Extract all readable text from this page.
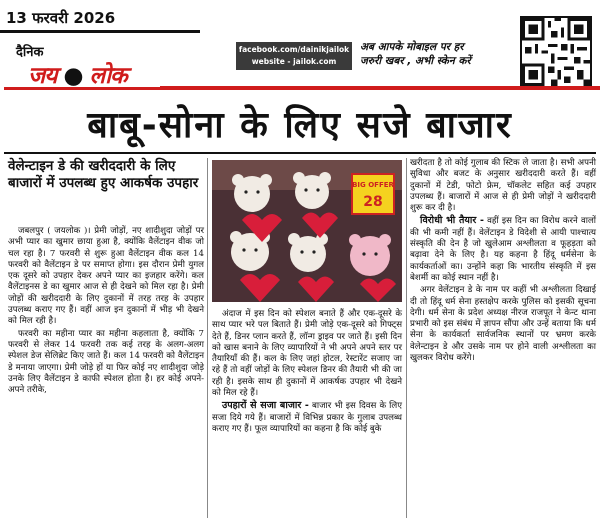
13 फरवरी 2026
दैनिक
जय ● लोक
facebook.com/dainikjailok
website - jailok.com
अब आपके मोबाइल पर हर
जरुरी खबर , अभी स्केन करें
बाबू-सोना के लिए सजे बाजार
वेलेन्टाइन डे की खरीददारी के लिए बाजारों में उपलब्ध हुए आकर्षक उपहार

जबलपुर ( जयलोक )। प्रेमी जोड़ों, नए शादीशुदा जोड़ों पर अभी प्यार का खुमार छाया हुआ है, क्योंकि वैलेंटाइन वीक जो चल रहा है। 7 फरवरी से शुरू हुआ वैलेंटाइन वीक कल 14 फरवरी को वैलेंटाइन डे पर समाप्त होगा। इस दौरान प्रेमी युगल एक दूसरे को उपहार देकर अपने प्यार का इजहार करेंगे। कल वैलेंटाइनस डे का खुमार आज से ही देखने को मिल रहा है। प्रेमी जोड़ों की खरीददारी के लिए दुकानों में तरह तरह के उपहार उपलब्ध कराए गए हैं। वहीं आज इन दुकानों में भीड़ भी देखने को मिल रही है।

फरवरी का महीना प्यार का महीना कहलाता है, क्योंकि 7 फरवरी से लेकर 14 फरवरी तक कई तरह के अलग-अलग स्पेशल डेज सेलिब्रेट किए जाते हैं। कल 14 फरवरी को वैलेंटाइन डे मनाया जाएगा। प्रेमी जोड़े हों या फिर कोई नए शादीशुदा जोड़े उनके लिए वैलेंटाइन डे काफी स्पेशल होता है। हर कोई अपने-अपने तरीके,

BIG OFFER
28

अंदाज में इस दिन को स्पेशल बनाते हैं और एक-दूसरे के साथ प्यार भरे पल बिताते हैं। प्रेमी जोड़े एक-दूसरे को गिफ्ट्स देते हैं, डिनर प्लान करते हैं, लॉन्ग ड्राइव पर जाते हैं। इसी दिन को खास बनाने के लिए व्यापारियों ने भी अपने अपने स्तर पर तैयारियाँ की हैं। कल के लिए जहां होटल, रेस्टारेंट सजाए जा रहे हैं तो वहीं जोड़ों के लिए स्पेशल डिनर की तैयारी भी की जा रही है। इसके साथ ही दुकानों में आकर्षक उपहार भी देखने को मिल रहे हैं।

उपहारों से सजा बाजार - बाजार भी इस दिवस के लिए सजा दिये गये हैं। बाजारों में विभिन्न प्रकार के गुलाब उपलब्ध कराए गए हैं। फूल व्यापारियों का कहना है कि कोई बुके

खरीदता है तो कोई गुलाब की स्टिक ले जाता है। सभी अपनी सुविधा और बजट के अनुसार खरीददारी करते हैं। वहीं दुकानों में टेडी, फोटो फ्रेम, चॉकलेट सहित कई उपहार उपलब्ध हैं। बाजारों में आज से ही प्रेमी जोड़ों ने खरीददारी शुरू कर दी है।

विरोधी भी तैयार - वहीं इस दिन का विरोध करने वालों की भी कमी नहीं हैं। वेलेंटाइन डे विदेशी से आयी पाश्चात्य संस्कृति की देन है जो खुलेआम अश्लीलता व फूहड़ता को बढ़ावा देने के लिए है। यह कहना है हिंदू धर्मसेना के कार्यकर्ताओं का। उन्होंने कहा कि भारतीय संस्कृति में इस बेशर्मी का कोई स्थान नहीं है।

अगर वेलेंटाइन डे के नाम पर कहीं भी अश्लीलता दिखाई दी तो हिंदू धर्म सेना हस्तक्षेप करके पुलिस को इसकी सूचना देगी। धर्म सेना के प्रदेश अध्यक्ष नीरज राजपूत ने केन्ट थाना प्रभारी को इस संबंध में ज्ञापन सौंपा और उन्हें बताया कि धर्म सेना के कार्यकर्ता सार्वजनिक स्थानों पर भ्रमण करके वेलेन्टाइन डे और उसके नाम पर होने वाली अश्लीलता का खुलकर विरोध करेंगे।
